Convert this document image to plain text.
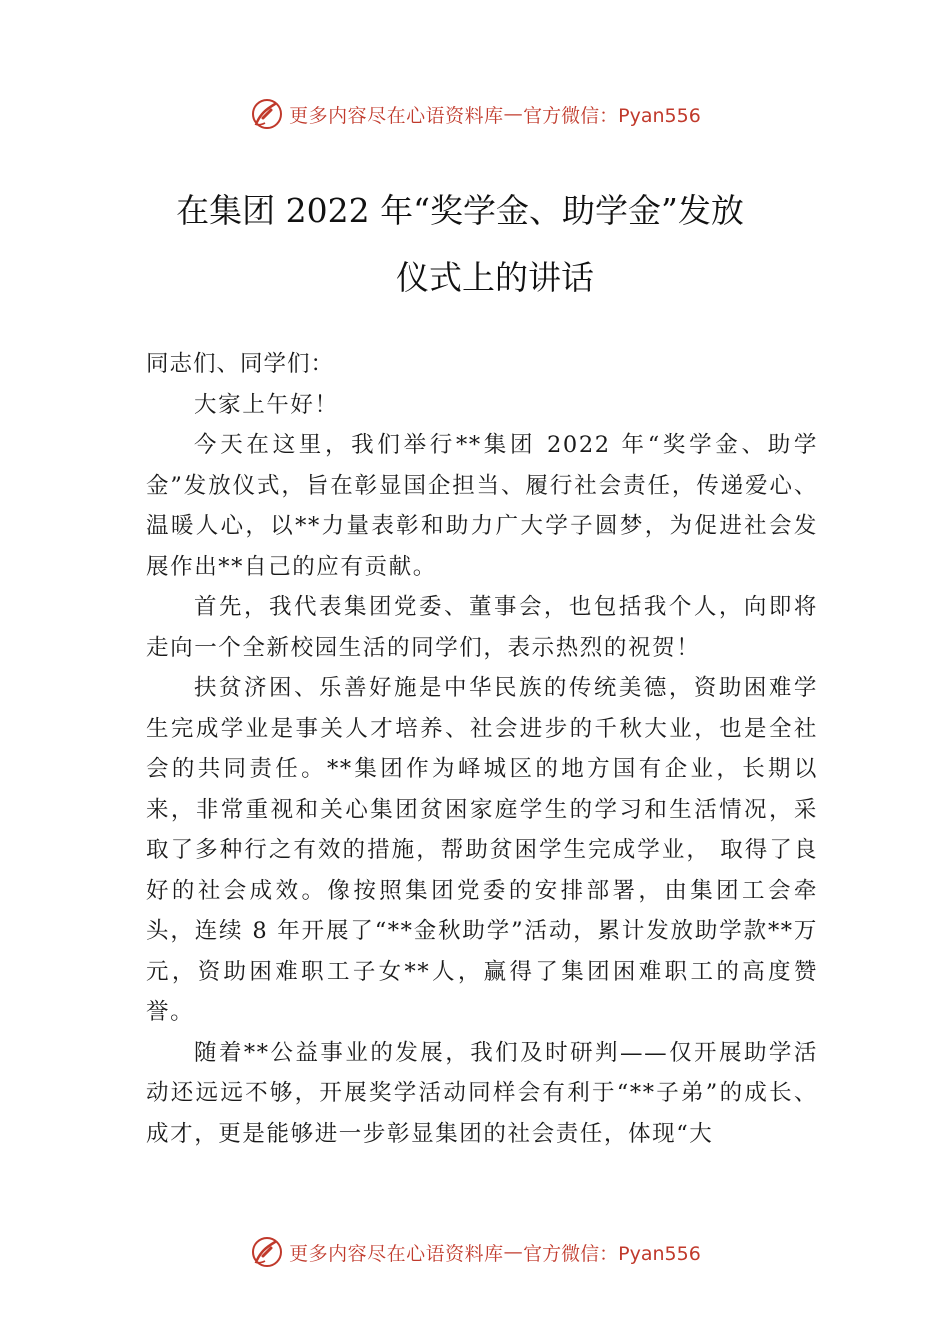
更多内容尽在心语资料库 — 官方微信：Pyan556
在集团 2022 年“奖学金、助学金”发放
仪式上的讲话

同志们、同学们：

大家上午好！

今天在这里，我们举行**集团 2022 年“奖学金、助学金”发放仪式，旨在彰显国企担当、履行社会责任，传递爱心、 温暖人心，以**力量表彰和助力广大学子圆梦，为促进社会发展作出**自己的应有贡献。

首先，我代表集团党委、董事会，也包括我个人，向即将走向一个全新校园生活的同学们，表示热烈的祝贺！

扶贫济困、乐善好施是中华民族的传统美德，资助困难学生完成学业是事关人才培养、社会进步的千秋大业，也是全社会的共同责任。**集团作为峄城区的地方国有企业，长期以来，非常重视和关心集团贫困家庭学生的学习和生活情况，采取了多种行之有效的措施，帮助贫困学生完成学业， 取得了良好的社会成效。像按照集团党委的安排部署，由集团工会牵头，连续 8 年开展了“**金秋助学”活动，累计发放助学款**万元，资助困难职工子女**人，赢得了集团困难职工的高度赞誉。

随着**公益事业的发展，我们及时研判——仅开展助学活动还远远不够，开展奖学活动同样会有利于“**子弟”的成长、成才，更是能够进一步彰显集团的社会责任，体现“大

更多内容尽在心语资料库 — 官方微信：Pyan556
